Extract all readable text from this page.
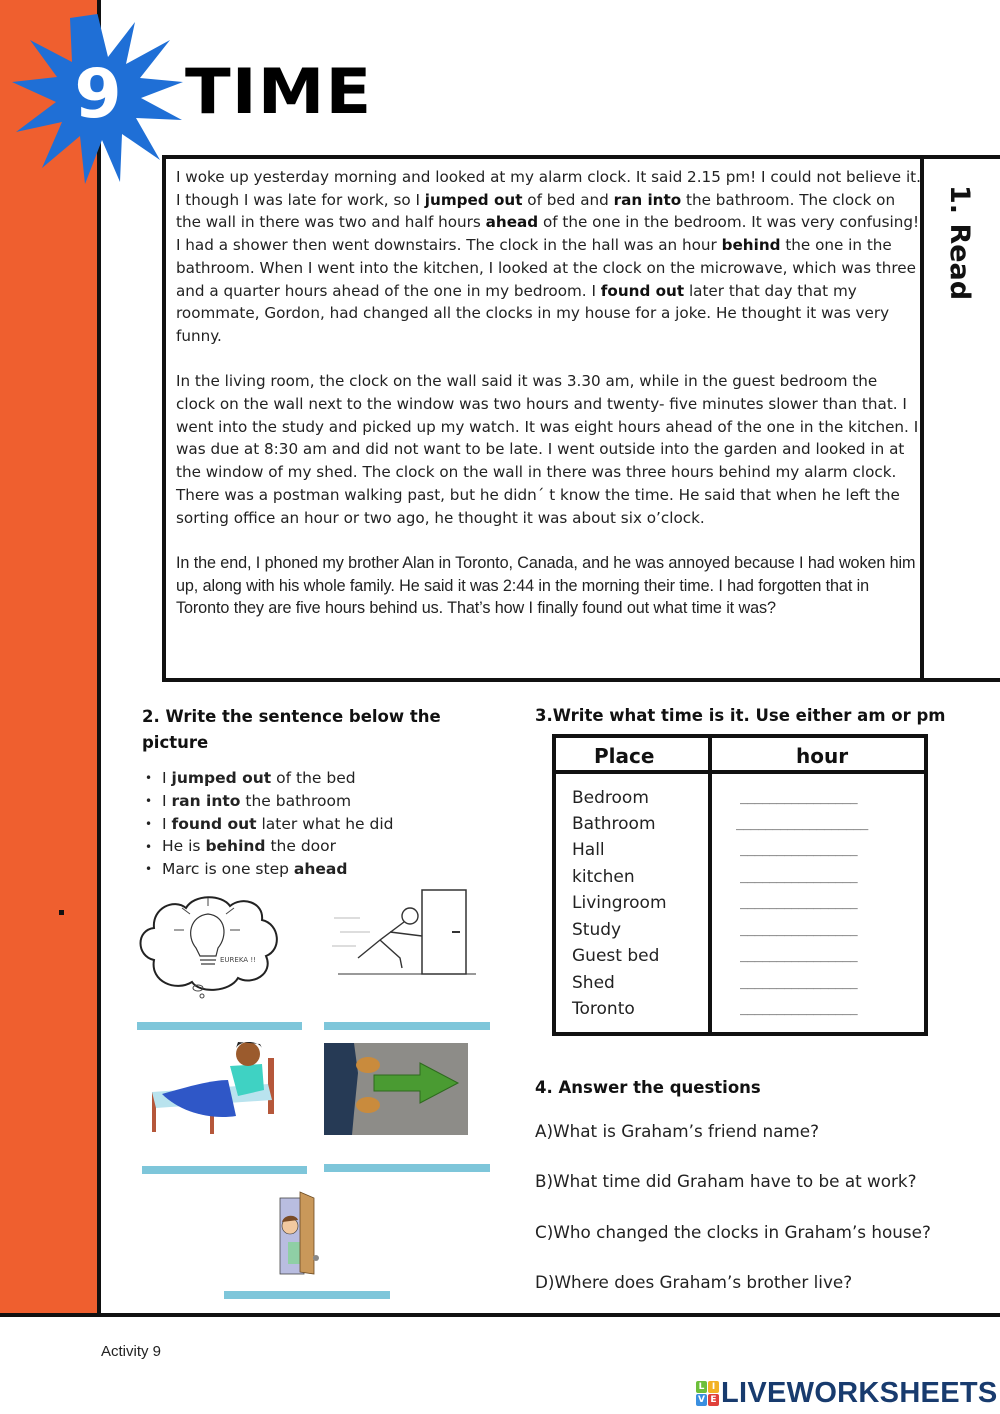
9 TIME
1. Read

I woke up yesterday morning and looked at my alarm clock. It said 2.15 pm! I could not believe it. I though I was late for work, so I jumped out of bed and ran into the bathroom. The clock on the wall in there was two and half hours ahead of the one in the bedroom. It was very confusing! I had a shower then went downstairs. The clock in the hall was an hour behind the one in the bathroom. When I went into the kitchen, I looked at the clock on the microwave, which was three and a quarter hours ahead of the one in my bedroom. I found out later that day that my roommate, Gordon, had changed all the clocks in my house for a joke. He thought it was very funny.

In the living room, the clock on the wall said it was 3.30 am, while in the guest bedroom the clock on the wall next to the window was two hours and twenty- five minutes slower than that. I went into the study and picked up my watch. It was eight hours ahead of the one in the kitchen. I was due at 8:30 am and did not want to be late. I went outside into the garden and looked in at the window of my shed. The clock on the wall in there was three hours behind my alarm clock. There was a postman walking past, but he didn´ t know the time. He said that when he left the sorting office an hour or two ago, he thought it was about six o’clock.

In the end, I phoned my brother Alan in Toronto, Canada, and he was annoyed because I had woken him up, along with his whole family. He said it was 2:44 in the morning their time. I had forgotten that in Toronto they are five hours behind us. That’s how I finally found out what time it was?

2. Write the sentence below the picture
• I jumped out of the bed
• I ran into the bathroom
• I found out later what he did
• He is behind the door
• Marc is one step ahead
EUREKA !!
3.Write what time is it. Use either am or pm
Place	hour
Bedroom	________________
Bathroom	__________________
Hall	________________
kitchen	________________
Livingroom	________________
Study	________________
Guest bed	________________
Shed	________________
Toronto	________________
4. Answer the questions
A)What is Graham’s friend name?
B)What time did Graham have to be at work?
C)Who changed the clocks in Graham’s house?
D)Where does Graham’s brother live?
Activity 9
L I
V E LIVEWORKSHEETS
